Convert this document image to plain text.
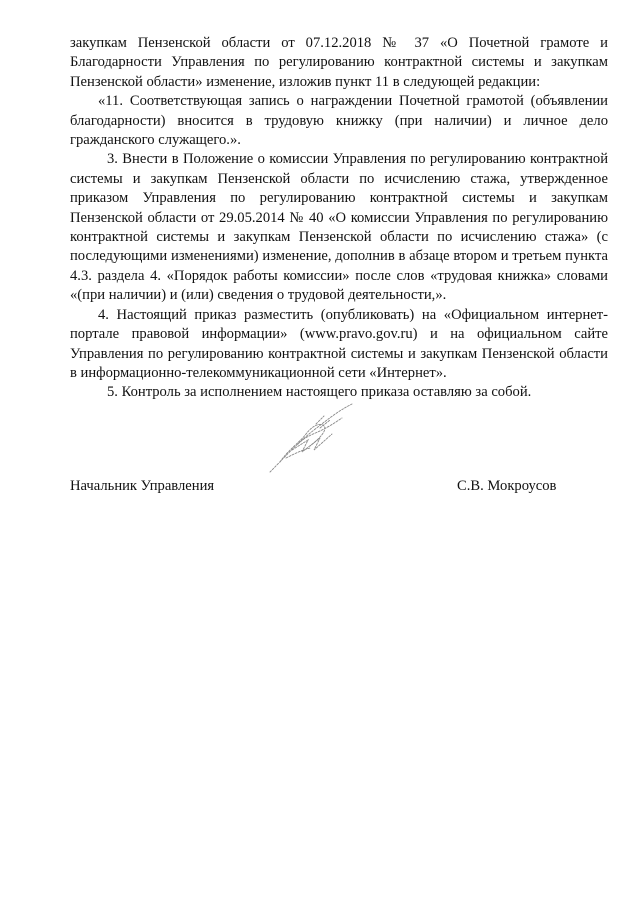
закупкам Пензенской области от 07.12.2018 № 37 «О Почетной грамоте и Благодарности Управления по регулированию контрактной системы и закупкам Пензенской области» изменение, изложив пункт 11 в следующей редакции:

«11. Соответствующая запись о награждении Почетной грамотой (объявлении благодарности) вносится в трудовую книжку (при наличии) и личное дело гражданского служащего.».

3. Внести в Положение о комиссии Управления по регулированию контрактной системы и закупкам Пензенской области по исчислению стажа, утвержденное приказом Управления по регулированию контрактной системы и закупкам Пензенской области от 29.05.2014 № 40 «О комиссии Управления по регулированию контрактной системы и закупкам Пензенской области по исчислению стажа» (с последующими изменениями) изменение, дополнив в абзаце втором и третьем пункта 4.3. раздела 4. «Порядок работы комиссии» после слов «трудовая книжка» словами «(при наличии) и (или) сведения о трудовой деятельности,».

4. Настоящий приказ разместить (опубликовать) на «Официальном интернет-портале правовой информации» (www.pravo.gov.ru) и на официальном сайте Управления по регулированию контрактной системы и закупкам Пензенской области в информационно-телекоммуникационной сети «Интернет».

5. Контроль за исполнением настоящего приказа оставляю за собой.

Начальник Управления	С.В. Мокроусов
